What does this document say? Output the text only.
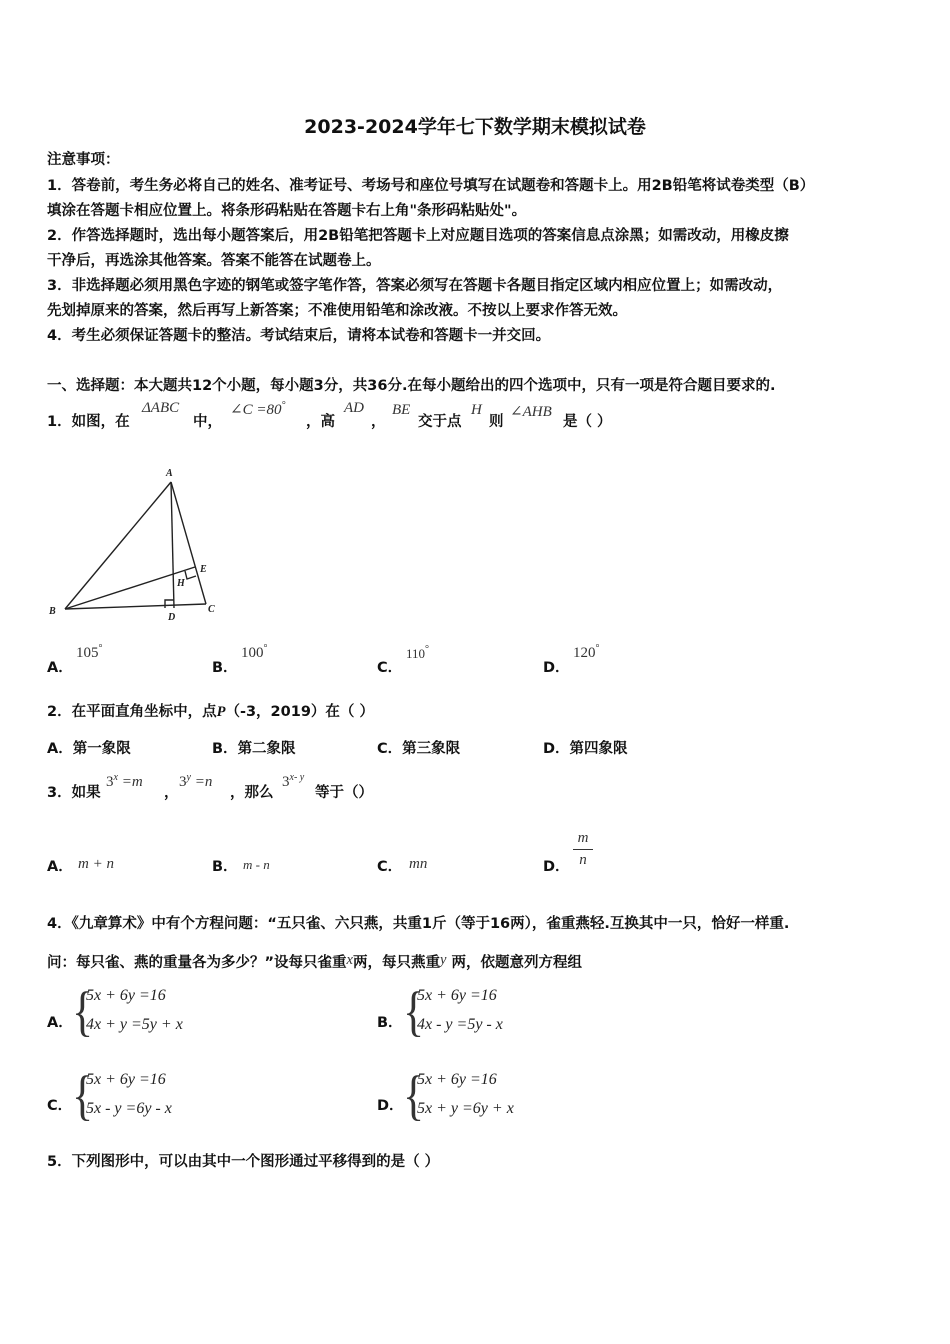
2023-2024学年七下数学期末模拟试卷
注意事项：
1．答卷前，考生务必将自己的姓名、准考证号、考场号和座位号填写在试题卷和答题卡上。用2B铅笔将试卷类型（B）
填涂在答题卡相应位置上。将条形码粘贴在答题卡右上角"条形码粘贴处"。
2．作答选择题时，选出每小题答案后，用2B铅笔把答题卡上对应题目选项的答案信息点涂黑；如需改动，用橡皮擦
干净后，再选涂其他答案。答案不能答在试题卷上。
3．非选择题必须用黑色字迹的钢笔或签字笔作答，答案必须写在答题卡各题目指定区域内相应位置上；如需改动，
先划掉原来的答案，然后再写上新答案；不准使用铅笔和涂改液。不按以上要求作答无效。
4．考生必须保证答题卡的整洁。考试结束后，请将本试卷和答题卡一并交回。
一、选择题：本大题共12个小题，每小题3分，共36分.在每小题给出的四个选项中，只有一项是符合题目要求的.
1．如图，在
ΔABC
中，
∠C =80°
，高
AD
，
BE
交于点
H
则
∠AHB
是（ ）
A
B	C
D
E
H
A．
105°
B．
100°
C．
110°
D．
120°
2．在平面直角坐标中，点P（-3，2019）在（ ）
A．第一象限	B．第二象限	C．第三象限	D．第四象限
3．如果
$3^x =m$
，
$3^y =n$
，那么
3$^{x- y}$
等于（）
A． m + n	B． m - n	C． mn	D．
m
n
4．《九章算术》中有个方程问题：“五只雀、六只燕，共重1斤（等于16两），雀重燕轻.互换其中一只，恰好一样重.
问：每只雀、燕的重量各为多少？”设每只雀重x两，每只燕重y 两，依题意列方程组
A． {
5x + 6y =16
4x + y =5y + x	B． {
5x + 6y =16
4x - y =5y - x
C． {
5x + 6y =16
5x - y =6y - x	D． {
5x + 6y =16
5x + y =6y + x
5．下列图形中，可以由其中一个图形通过平移得到的是（ ）
